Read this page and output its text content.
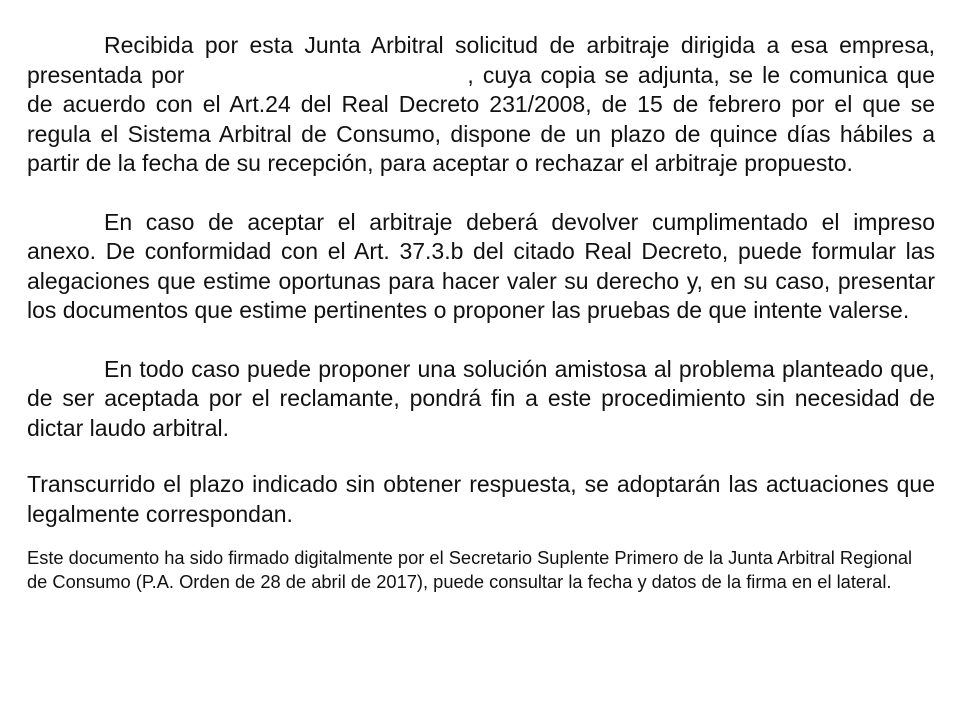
Recibida por esta Junta Arbitral solicitud de arbitraje dirigida a esa empresa, presentada por	, cuya copia se adjunta, se le comunica que de acuerdo con el Art.24 del Real Decreto 231/2008, de 15 de febrero por el que se regula el Sistema Arbitral de Consumo, dispone de un plazo de quince días hábiles a partir de la fecha de su recepción, para aceptar o rechazar el arbitraje propuesto.

En caso de aceptar el arbitraje deberá devolver cumplimentado el impreso anexo. De conformidad con el Art. 37.3.b del citado Real Decreto, puede formular las alegaciones que estime oportunas para hacer valer su derecho y, en su caso, presentar los documentos que estime pertinentes o proponer las pruebas de que intente valerse.

En todo caso puede proponer una solución amistosa al problema planteado que, de ser aceptada por el reclamante, pondrá fin a este procedimiento sin necesidad de dictar laudo arbitral.

Transcurrido el plazo indicado sin obtener respuesta, se adoptarán las actuaciones que legalmente correspondan.

Este documento ha sido firmado digitalmente por el Secretario Suplente Primero de la Junta Arbitral Regional de Consumo (P.A. Orden de 28 de abril de 2017), puede consultar la fecha y datos de la firma en el lateral.
